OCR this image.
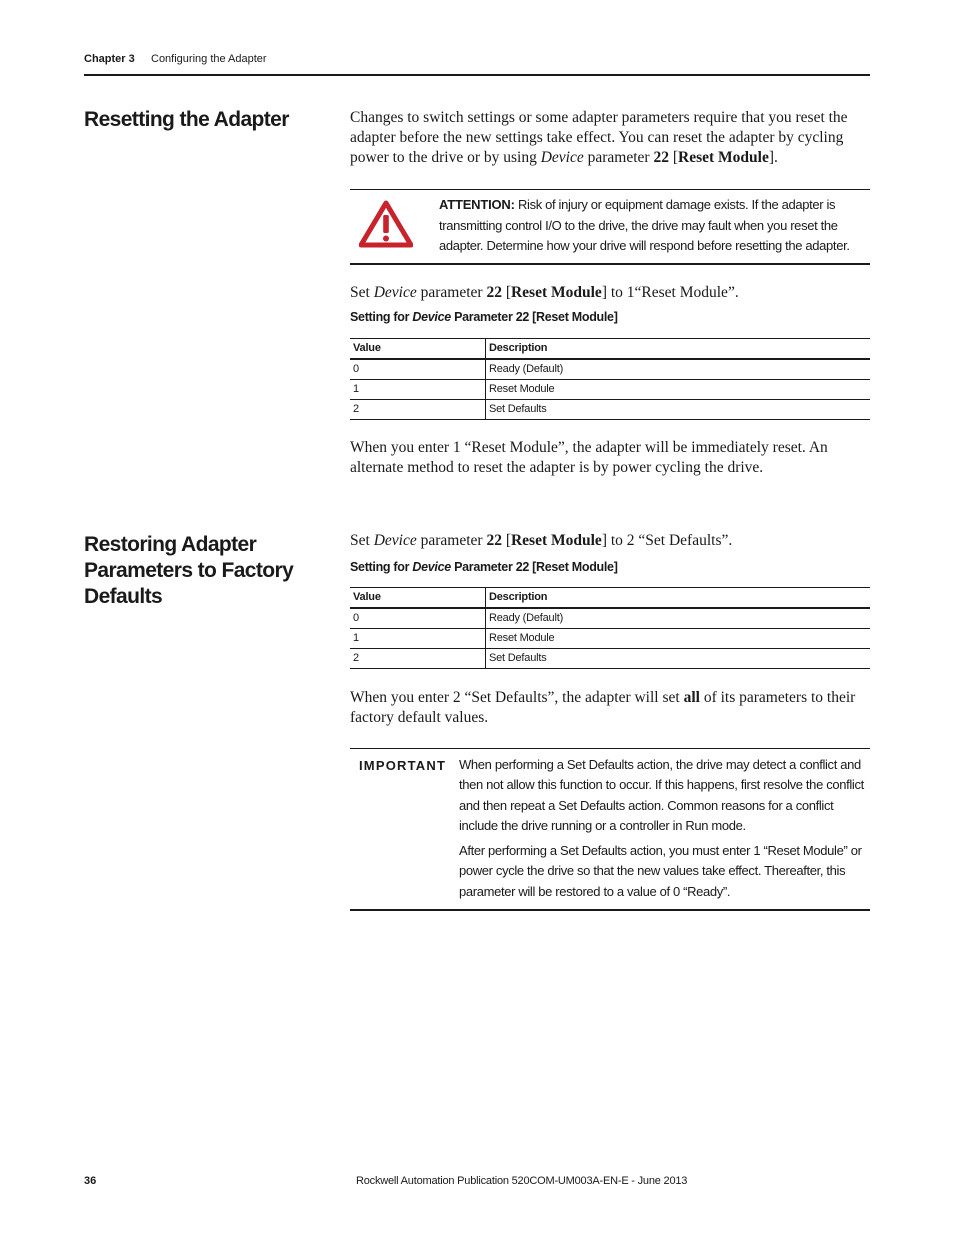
Chapter 3 Configuring the Adapter
Resetting the Adapter	Changes to switch settings or some adapter parameters require that you reset the adapter before the new settings take effect. You can reset the adapter by cycling power to the drive or by using Device parameter 22 [Reset Module].
ATTENTION: Risk of injury or equipment damage exists. If the adapter is transmitting control I/O to the drive, the drive may fault when you reset the adapter. Determine how your drive will respond before resetting the adapter.
Set Device parameter 22 [Reset Module] to 1“Reset Module”.
Setting for Device Parameter 22 [Reset Module]
Value	Description
0	Ready (Default)
1	Reset Module
2	Set Defaults
When you enter 1 “Reset Module”, the adapter will be immediately reset. An alternate method to reset the adapter is by power cycling the drive.
Restoring Adapter Parameters to Factory Defaults
Set Device parameter 22 [Reset Module] to 2 “Set Defaults”.
Setting for Device Parameter 22 [Reset Module]
Value	Description
0	Ready (Default)
1	Reset Module
2	Set Defaults
When you enter 2 “Set Defaults”, the adapter will set all of its parameters to their factory default values.
IMPORTANT When performing a Set Defaults action, the drive may detect a conflict and then not allow this function to occur. If this happens, first resolve the conflict and then repeat a Set Defaults action. Common reasons for a conflict include the drive running or a controller in Run mode.
After performing a Set Defaults action, you must enter 1 “Reset Module” or power cycle the drive so that the new values take effect. Thereafter, this parameter will be restored to a value of 0 “Ready”.
36	Rockwell Automation Publication 520COM-UM003A-EN-E - June 2013
